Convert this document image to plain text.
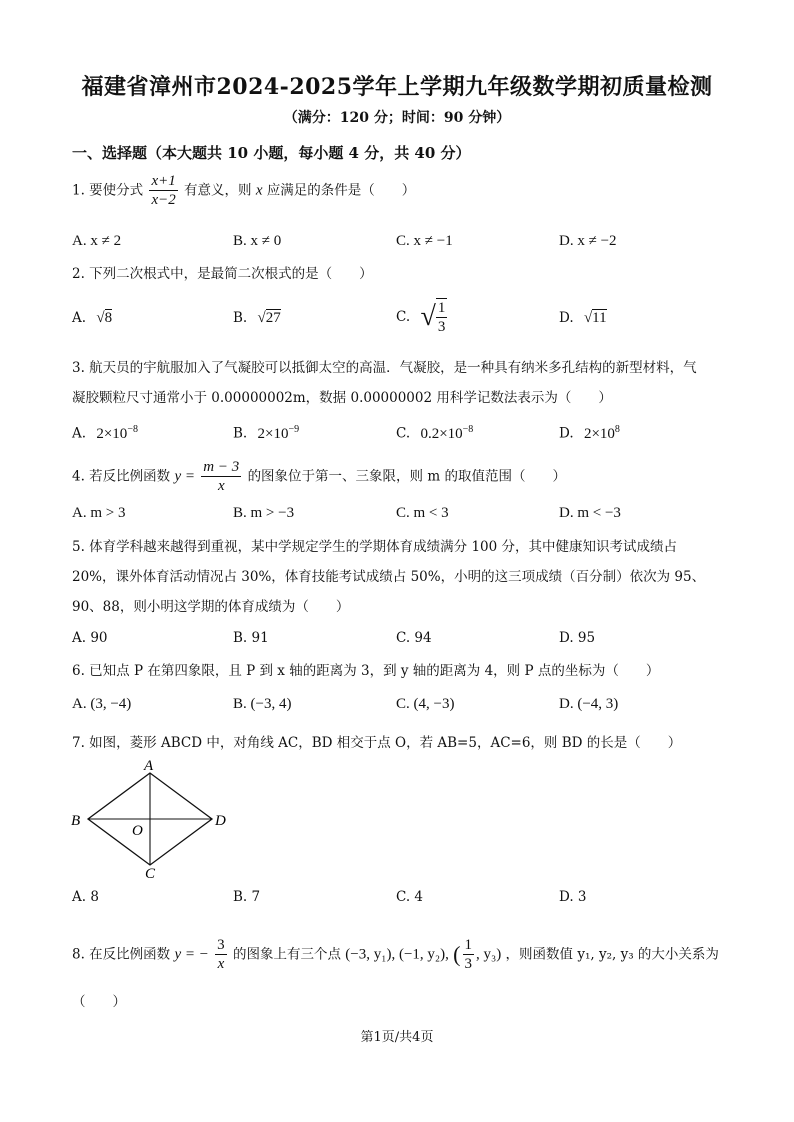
福建省漳州市2024-2025学年上学期九年级数学期初质量检测
（满分：120 分；时间：90 分钟）
一、选择题（本大题共 10 小题，每小题 4 分，共 40 分）
1. 要使分式 $\frac{x+1}{x-2}$ 有意义，则 x 应满足的条件是（　　）
A. x ≠ 2	B. x ≠ 0	C. x ≠ −1	D. x ≠ −2
2. 下列二次根式中，是最简二次根式的是（　　）
A. √8	B. √27	C. √ $\frac{1}{3}$	D. √11
3. 航天员的宇航服加入了气凝胶可以抵御太空的高温．气凝胶，是一种具有纳米多孔结构的新型材料，气
凝胶颗粒尺寸通常小于 0.00000002m，数据 0.00000002 用科学记数法表示为（　　）
A. $2\times 10^{-8}$	B. $2\times 10^{-9}$	C. $0.2\times 10^{-8}$	D. $2\times 10^8$
4. 若反比例函数 $y = \frac{m - 3}{x}$ 的图象位于第一、三象限，则 m 的取值范围（　　）
A. m > 3	B. m > −3	C. m < 3	D. m < −3
5. 体育学科越来越得到重视，某中学规定学生的学期体育成绩满分 100 分，其中健康知识考试成绩占
20%，课外体育活动情况占 30%，体育技能考试成绩占 50%，小明的这三项成绩（百分制）依次为 95、
90、88，则小明这学期的体育成绩为（　　）
A. 90	B. 91	C. 94	D. 95
6. 已知点 P 在第四象限，且 P 到 x 轴的距离为 3，到 y 轴的距离为 4，则 P 点的坐标为（　　）
A. (3, −4)	B. (−3, 4)	C. (4, −3)	D. (−4, 3)
7. 如图，菱形 ABCD 中，对角线 AC，BD 相交于点 O，若 AB=5，AC=6，则 BD 的长是（　　）
A
B	D
C
O
A. 8	B. 7	C. 4	D. 3
8. 在反比例函数 y = − $\frac{3}{x}$ 的图象上有三个点 (−3, y₁), (−1, y₂), ( $\frac{1}{3}$ , y₃) ，则函数值 y₁, y₂, y₃ 的大小关系为
（　　）
第1页/共4页
